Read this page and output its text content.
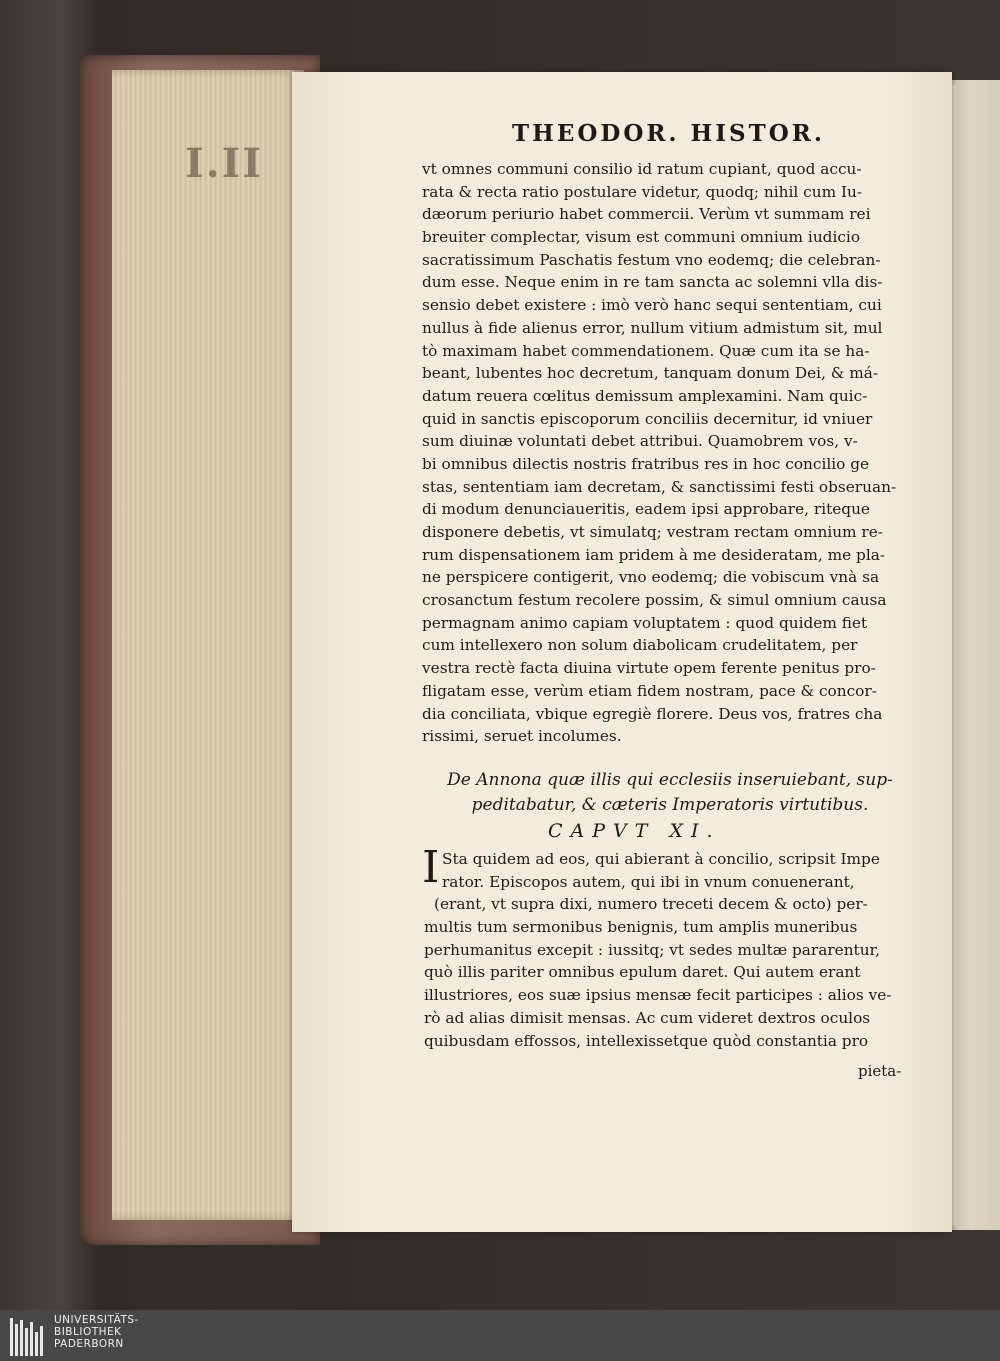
I.II
THEODOR. HISTOR.
vt omnes communi consilio id ratum cupiant, quod accu-
rata & recta ratio postulare videtur, quodq; nihil cum Iu-
dæorum periurio habet commercii. Verùm vt summam rei
breuiter complectar, visum est communi omnium iudicio
sacratissimum Paschatis festum vno eodemq; die celebran-
dum esse. Neque enim in re tam sancta ac solemni vlla dis-
sensio debet existere : imò verò hanc sequi sententiam, cui
nullus à fide alienus error, nullum vitium admistum sit, mul
tò maximam habet commendationem. Quæ cum ita se ha-
beant, lubentes hoc decretum, tanquam donum Dei, & má-
datum reuera cœlitus demissum amplexamini. Nam quic-
quid in sanctis episcoporum conciliis decernitur, id vniuer
sum diuinæ voluntati debet attribui. Quamobrem vos, v-
bi omnibus dilectis nostris fratribus res in hoc concilio ge
stas, sententiam iam decretam, & sanctissimi festi obseruan-
di modum denunciaueritis, eadem ipsi approbare, riteque
disponere debetis, vt simulatq; vestram rectam omnium re-
rum dispensationem iam pridem à me desideratam, me pla-
ne perspicere contigerit, vno eodemq; die vobiscum vnà sa
crosanctum festum recolere possim, & simul omnium causa
permagnam animo capiam voluptatem : quod quidem fiet
cum intellexero non solum diabolicam crudelitatem, per
vestra rectè facta diuina virtute opem ferente penitus pro-
fligatam esse, verùm etiam fidem nostram, pace & concor-
dia conciliata, vbique egregiè florere. Deus vos, fratres cha
rissimi, seruet incolumes.
De Annona quæ illis qui ecclesiis inseruiebant, sup-
peditabatur, & cæteris Imperatoris virtutibus.
CAPVT XI.
I Sta quidem ad eos, qui abierant à concilio, scripsit Impe
rator. Episcopos autem, qui ibi in vnum conuenerant,
(erant, vt supra dixi, numero treceti decem & octo) per-
multis tum sermonibus benignis, tum amplis muneribus
perhumanitus excepit : iussitq; vt sedes multæ pararentur,
quò illis pariter omnibus epulum daret. Qui autem erant
illustriores, eos suæ ipsius mensæ fecit participes : alios ve-
rò ad alias dimisit mensas. Ac cum videret dextros oculos
quibusdam effossos, intellexissetque quòd constantia pro
pieta-
UNIVERSITÄTS-
BIBLIOTHEK
PADERBORN
